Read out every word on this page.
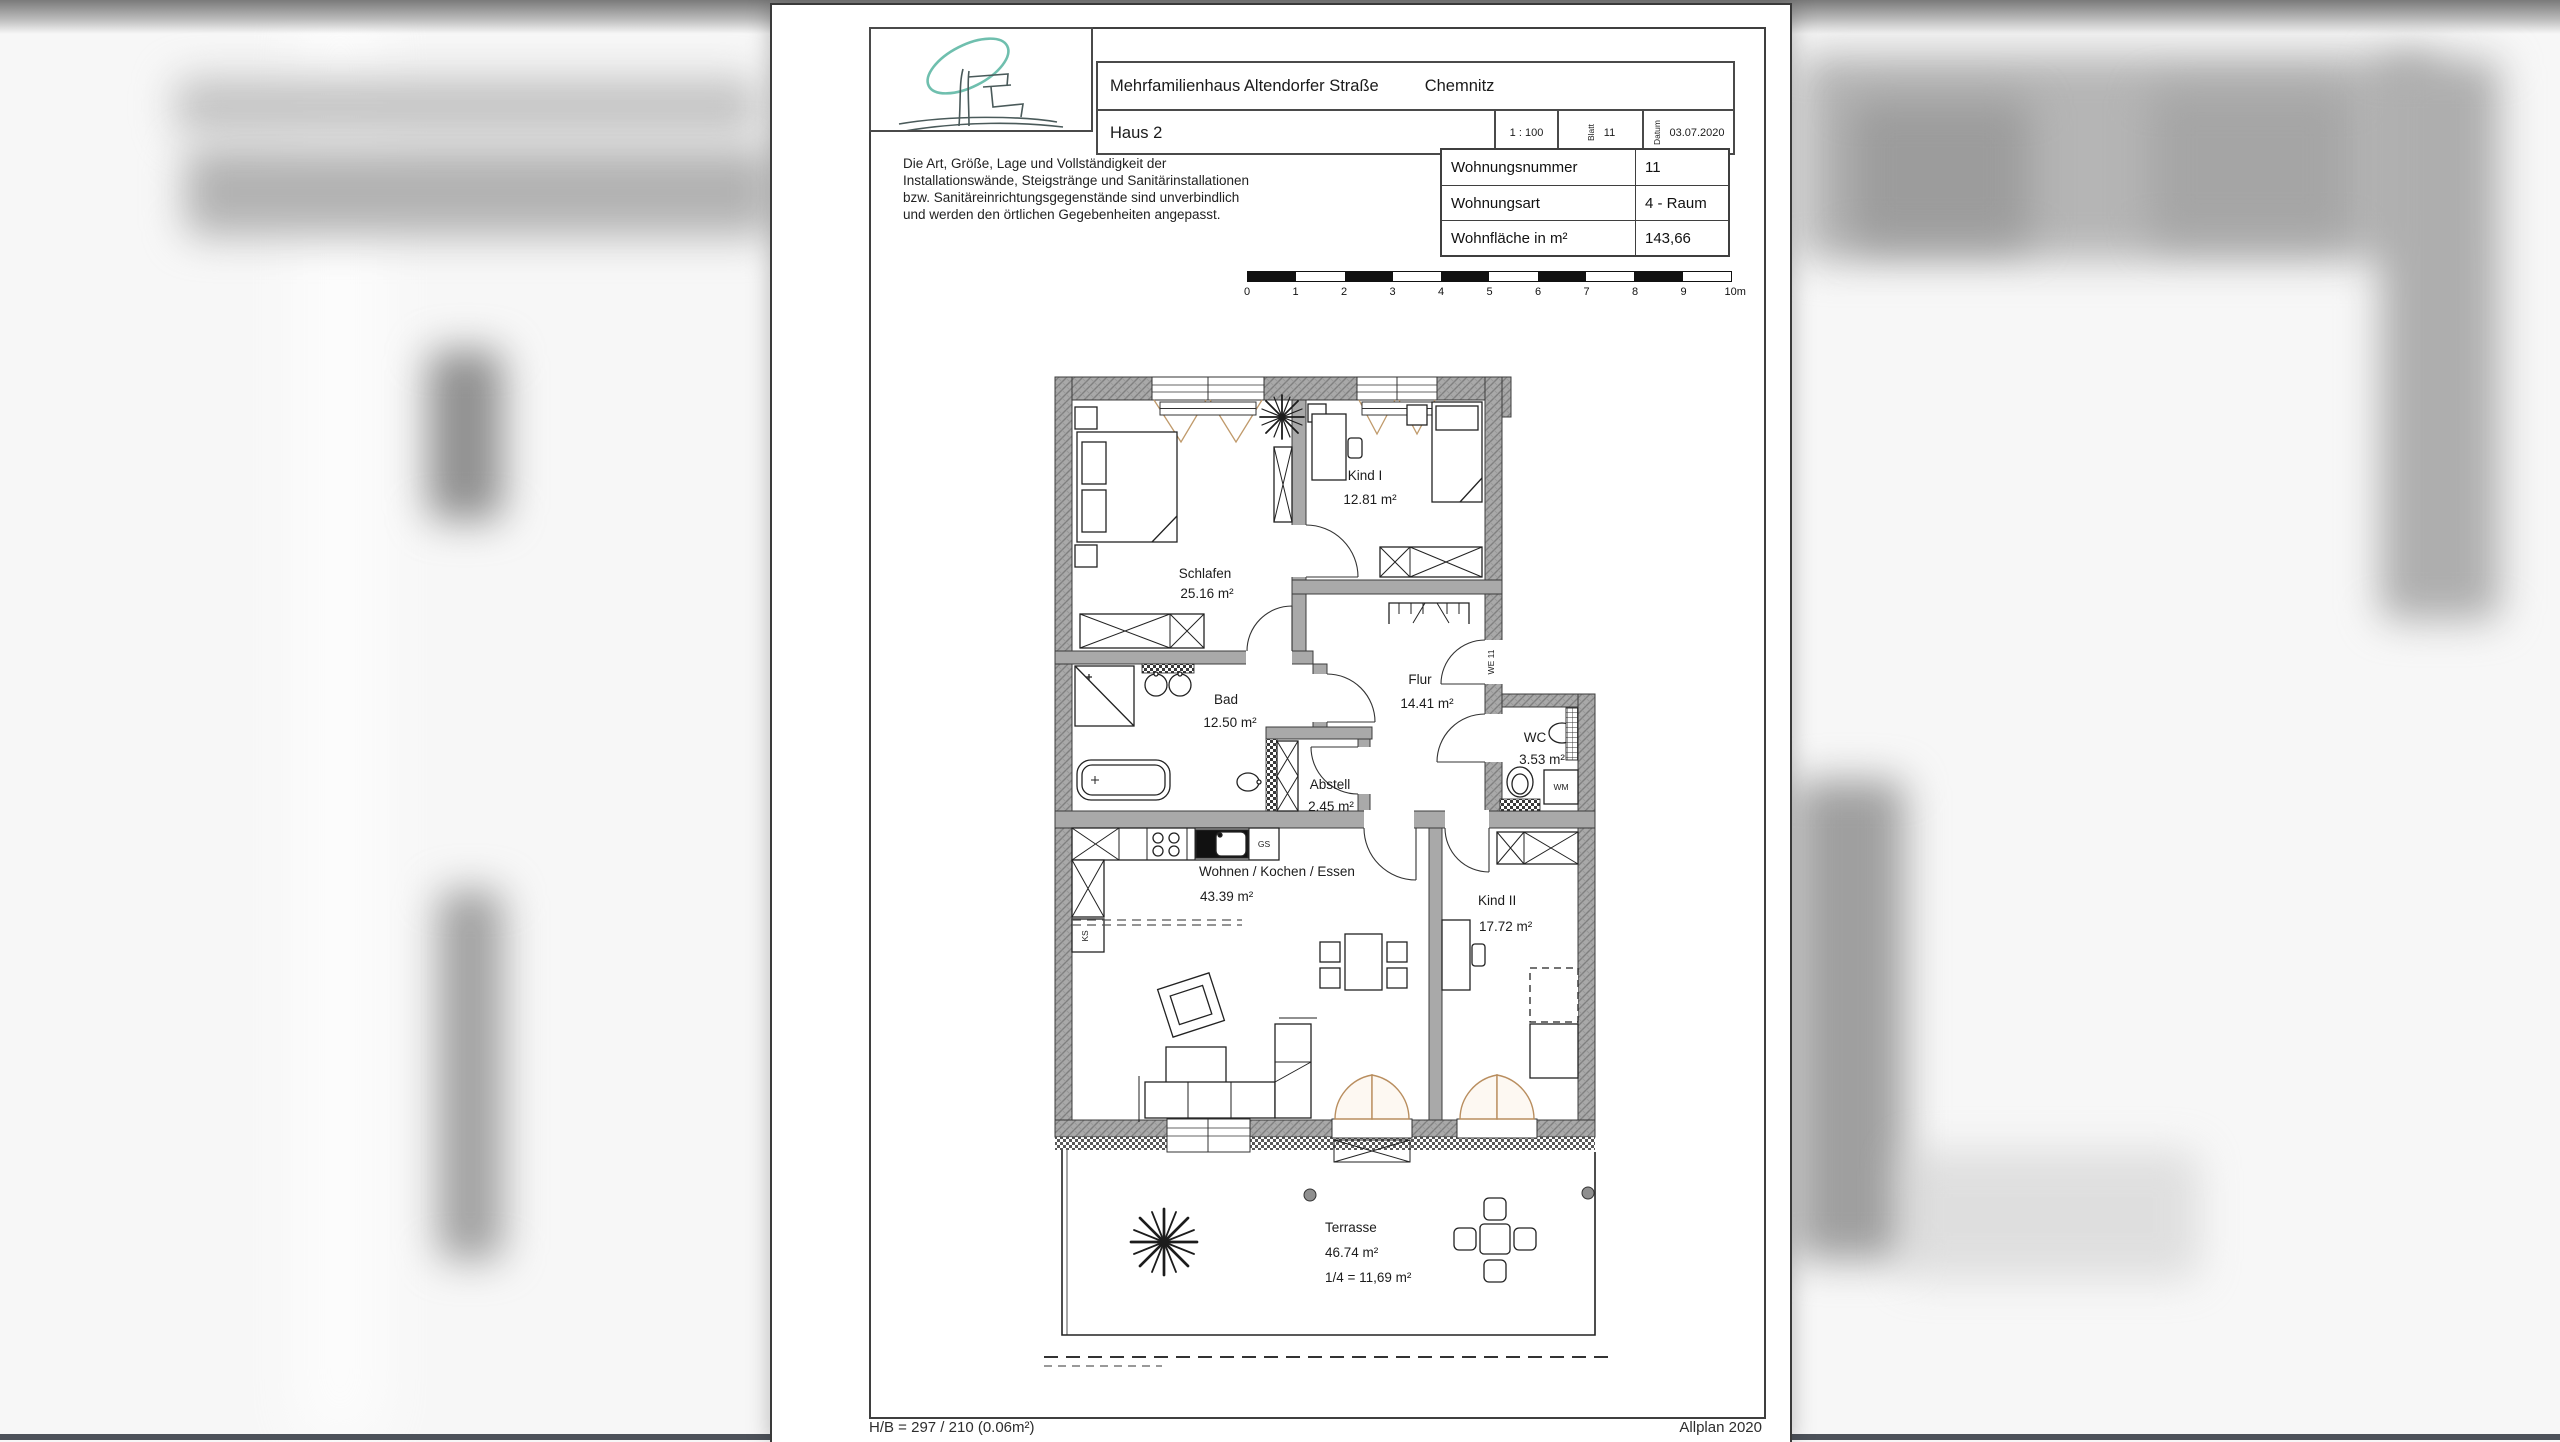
Mehrfamilienhaus Altendorfer Straße	Chemnitz
Haus 2	1 : 100	Blatt 11	Datum 03.07.2020
Die Art, Größe, Lage und Vollständigkeit der
Installationswände, Steigstränge und Sanitärinstallationen
bzw. Sanitäreinrichtungsgegenstände sind unverbindlich
und werden den örtlichen Gegebenheiten angepasst.
Wohnungsnummer	11
Wohnungsart	4 - Raum
Wohnfläche in m²	143,66
0	1	2	3	4	5	6	7	8	9	10m
Schlafen
25.16 m²
Kind I
12.81 m²
Flur
14.41 m²
Bad
12.50 m²
Abstell
2.45 m²
WC
3.53 m²
Wohnen / Kochen / Essen
43.39 m²	Kind II
17.72 m²
Terrasse
46.74 m²
1/4 = 11,69 m²
WE 11
KS
GS
WM
H/B = 297 / 210 (0.06m²)	Allplan 2020
